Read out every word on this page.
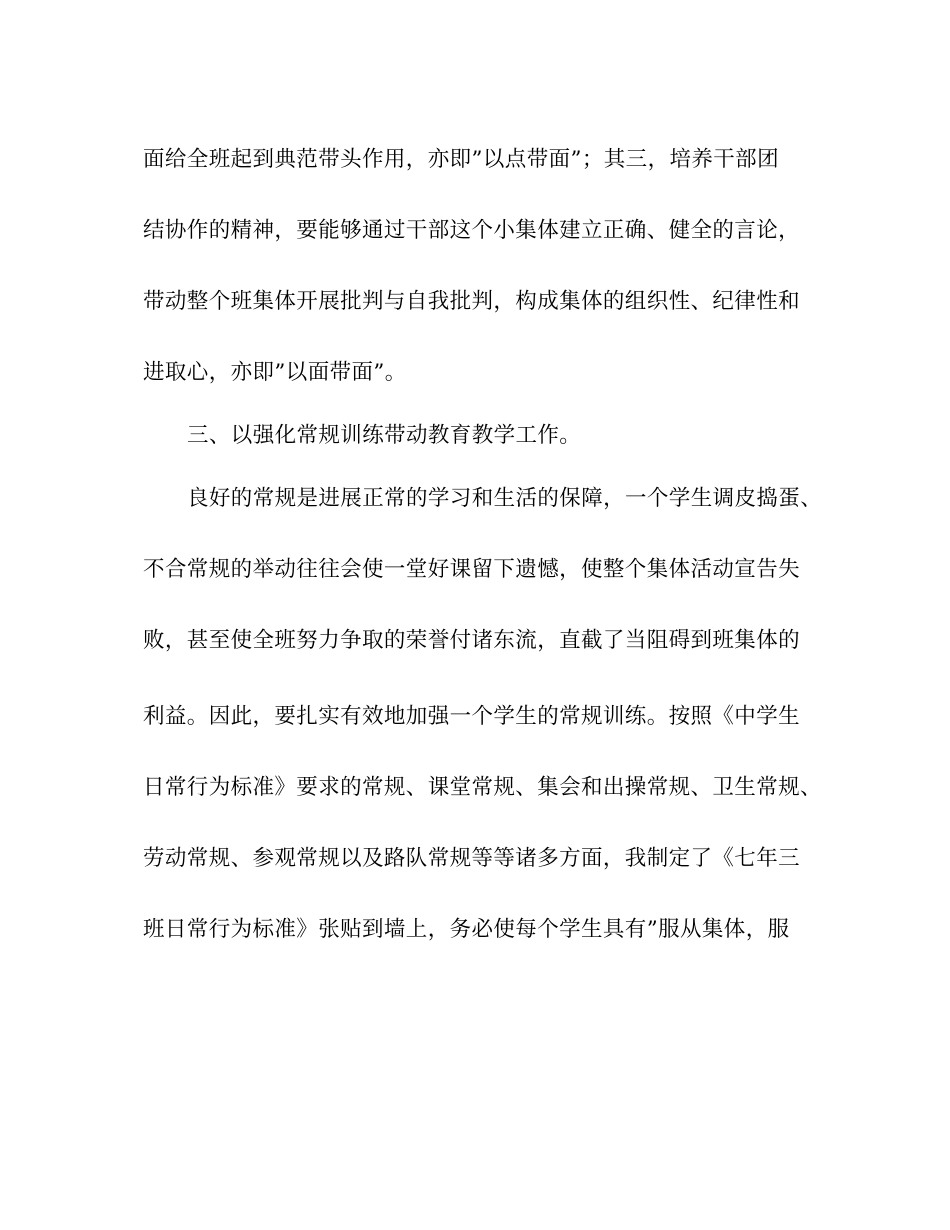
面给全班起到典范带头作用，亦即”以点带面”；其三，培养干部团
结协作的精神，要能够通过干部这个小集体建立正确、健全的言论，
带动整个班集体开展批判与自我批判，构成集体的组织性、纪律性和
进取心，亦即”以面带面”。
三、以强化常规训练带动教育教学工作。
良好的常规是进展正常的学习和生活的保障，一个学生调皮捣蛋、
不合常规的举动往往会使一堂好课留下遗憾，使整个集体活动宣告失
败，甚至使全班努力争取的荣誉付诸东流，直截了当阻碍到班集体的
利益。因此，要扎实有效地加强一个学生的常规训练。按照《中学生
日常行为标准》要求的常规、课堂常规、集会和出操常规、卫生常规、
劳动常规、参观常规以及路队常规等等诸多方面，我制定了《七年三
班日常行为标准》张贴到墙上，务必使每个学生具有”服从集体，服
